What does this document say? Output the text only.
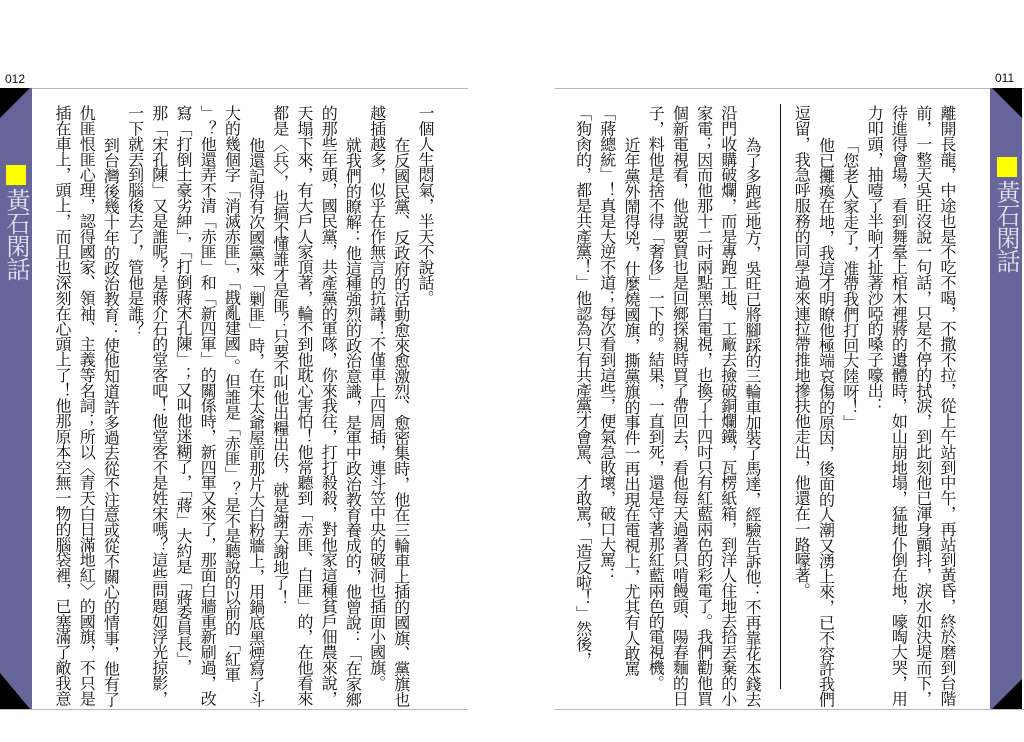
012
黃石閑話	一個人生悶氣，半天不說話。
在反國民黨、反政府的活動愈來愈激烈、愈密集時，他在三輪車上插的國旗、黨旗也
越插越多，似乎在作無言的抗議！不僅車上四周插，連斗笠中央的破洞也插面小國旗。
就我們的瞭解：他這種強烈的政治意識，是軍中政治教育養成的，他曾說：「在家鄉
的那些年頭，國民黨，共產黨的軍隊，你來我往，打打殺殺，對他家這種貧戶佃農來說，
天塌下來，有大戶人家頂著，輪不到他耽心害怕！他常聽到「赤匪、白匪」的，在他看來
都是〈兵〉，也搞不懂誰才是匪？只要不叫他出糧出伕，就是謝天謝地了！
他還記得有次國黨來「剿匪」時，在宋太爺屋前那片大白粉牆上，用鍋底黑煙寫了斗
大的幾個字「消滅赤匪」，「戡亂建國」。但誰是「赤匪」？是不是聽說的以前的「紅軍
」？他還弄不清「赤匪」和「新四軍」的關係時，新四軍又來了，那面白牆重新刷過，改
寫「打倒土豪劣紳」，「打倒蔣宋孔陳」；又叫他迷糊了，「蔣」大約是「蔣委員長」，
那「宋孔陳」又是誰呢？是蔣介石的堂客吧！他堂客不是姓宋嗎？這些問題如浮光掠影，
一下就丟到腦後去了，管他是誰？
到台灣後幾十年的政治教育：使他知道許多過去從不注意或從不關心的情事，他有了
仇匪恨匪心理，認得國家、領袖、主義等名詞；所以〈青天白日滿地紅〉的國旗，不只是
插在車上，頭上，而且也深刻在心頭上了！他那原本空無一物的腦袋裡，已塞滿了敵我意
011
黃石閑話
離開長龍，中途也是不吃不喝，不撒不拉，從上午站到中午，再站到黃昏，終於磨到台階
前，一整天吳旺沒說一句話，只是不停的拭淚，到此刻他已渾身顫抖，淚水如決堤而下，
待進得會場，看到舞臺上棺木裡蔣的遺體時，如山崩地塌，猛地仆倒在地，嚎啕大哭，用
力叩頭，抽噎了半晌才扯著沙啞的嗓子嚎出：
「您老人家走了，准帶我們打回大陸呀！」
他已攤瘓在地，我這才明瞭他極端哀傷的原因，後面的人潮又湧上來，已不容許我們
逗留，我急呼服務的同學過來連拉帶推地摻扶他走出，他還在一路嚎著。
為了多跑些地方，吳旺已將腳踩的三輪車加裝了馬達，經驗告訴他：不再靠花本錢去
沿門收購破爛，而是專跑工地、工廠去撿破銅爛鐵，瓦楞紙箱，到洋人住地去拾丟棄的小
家電；因而他那十二吋兩點黑白電視，也換了十四吋只有紅藍兩色的彩電了。我們勸他買
個新電視看，他說要買也是回鄉探親時買了帶回去，看他每天過著只啃饅頭、陽春麵的日
子，料他是捨不得「奢侈」一下的。結果，一直到死，還是守著那紅藍兩色的電視機。
近年黨外鬧得兇，什麼燒國旗，撕黨旗的事件一再出現在電視上，尤其有人敢罵
「蔣總統」！真是大逆不道；每次看到這些，便氣急敗壞，破口大罵：
「狗肏的，都是共產黨！」他認為只有共產黨才會罵、才敢罵，「造反啦！」然後，
